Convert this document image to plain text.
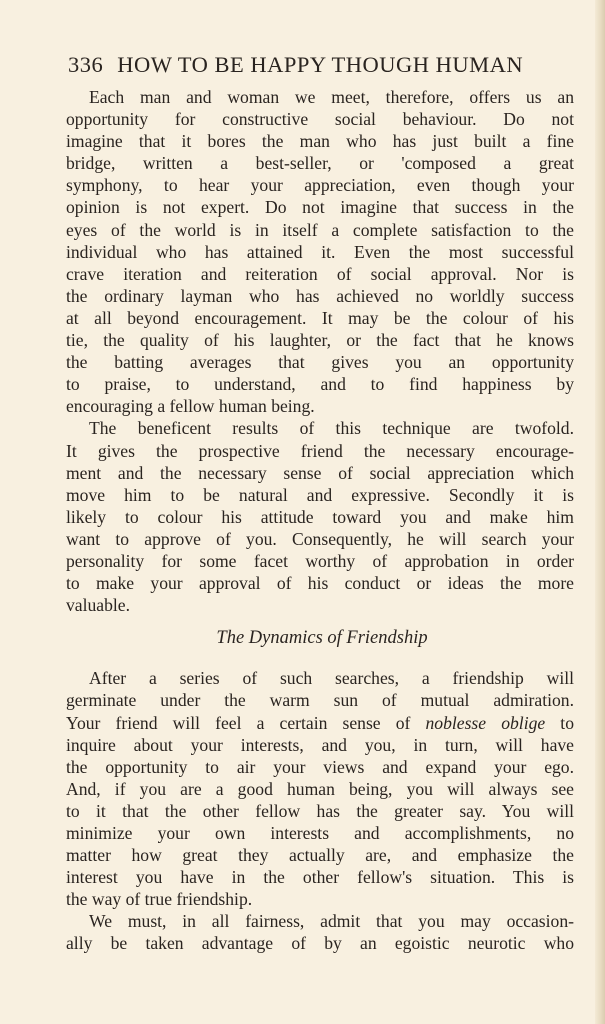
336 HOW TO BE HAPPY THOUGH HUMAN
Each man and woman we meet, therefore, offers us an
opportunity for constructive social behaviour. Do not
imagine that it bores the man who has just built a fine
bridge, written a best-seller, or 'composed a great
symphony, to hear your appreciation, even though your
opinion is not expert. Do not imagine that success in the
eyes of the world is in itself a complete satisfaction to the
individual who has attained it. Even the most successful
crave iteration and reiteration of social approval. Nor is
the ordinary layman who has achieved no worldly success
at all beyond encouragement. It may be the colour of his
tie, the quality of his laughter, or the fact that he knows
the batting averages that gives you an opportunity
to praise, to understand, and to find happiness by
encouraging a fellow human being.
The beneficent results of this technique are twofold.
It gives the prospective friend the necessary encourage-
ment and the necessary sense of social appreciation which
move him to be natural and expressive. Secondly it is
likely to colour his attitude toward you and make him
want to approve of you. Consequently, he will search your
personality for some facet worthy of approbation in order
to make your approval of his conduct or ideas the more
valuable.
The Dynamics of Friendship
After a series of such searches, a friendship will
germinate under the warm sun of mutual admiration.
Your friend will feel a certain sense of noblesse oblige to
inquire about your interests, and you, in turn, will have
the opportunity to air your views and expand your ego.
And, if you are a good human being, you will always see
to it that the other fellow has the greater say. You will
minimize your own interests and accomplishments, no
matter how great they actually are, and emphasize the
interest you have in the other fellow's situation. This is
the way of true friendship.
We must, in all fairness, admit that you may occasion-
ally be taken advantage of by an egoistic neurotic who
